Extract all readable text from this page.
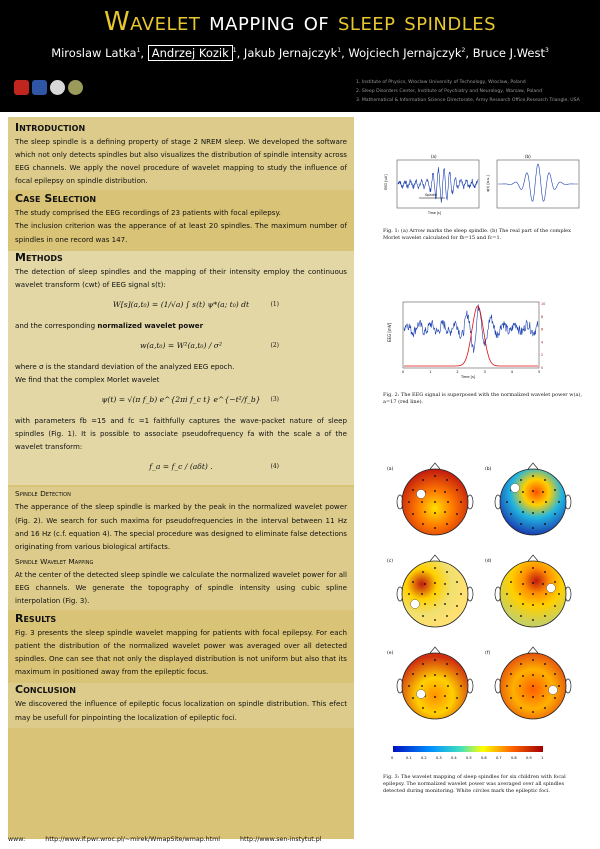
Wavelet mapping of sleep spindles
Miroslaw Latka$^1$, Andrzej Kozik $^1$, Jakub Jernajczyk$^1$, Wojciech Jernajczyk$^2$, Bruce J.West$^3$
1. Institute of Physics, Wroclaw University of Technology, Wroclaw, Poland
2. Sleep Disorders Center, Institute of Psychiatry and Neurology, Warsaw, Poland
3. Mathematical & Information Science Directorate, Army Research Office,Research Triangle, USA
Introduction

The sleep spindle is a defining property of stage 2 NREM sleep. We developed the software which not only detects spindles but also visualizes the distribution of spindle intensity across EEG channels. We apply the novel procedure of wavelet mapping to study the influence of focal epilepsy on spindle distribution.

Case Selection

The study comprised the EEG recordings of 23 patients with focal epilepsy.

The inclusion criterion was the apperance of at least 20 spindles. The maximum number of spindles in one record was 147.

Methods

The detection of sleep spindles and the mapping of their intensity employ the continuous wavelet transform (cwt) of EEG signal s(t):

W[s](a,t₀) = (1/√a) ∫ s(t) ψ*(a; t₀) dt	(1)

and the corresponding normalized wavelet power

w(a,t₀) = W²(a,t₀) / σ²	(2)

where σ is the standard deviation of the analyzed EEG epoch.

We find that the complex Morlet wavelet

ψ(t) = √(π f_b) e^{2πi f_c t} e^{−t²/f_b} (3)

with parameters fb =15 and fc =1 faithfully captures the wave-packet nature of sleep spindles (Fig. 1). It is possible to associate pseudofrequency fa with the scale a of the wavelet transform:

f_a = f_c / (aδt) .	(4)
Spindle Detection

The apperance of the sleep spindle is marked by the peak in the normalized wavelet power (Fig. 2). We search for such maxima for pseudofrequencies in the interval between 11 Hz and 16 Hz (c.f. equation 4). The special procedure was designed to eliminate false detections originating from various biological artifacts.

Spindle Wavelet Mapping

At the center of the detected sleep spindle we calculate the normalized wavelet power for all EEG channels. We generate the topography of spindle intensity using cubic spline interpolation (Fig. 3).

Results

Fig. 3 presents the sleep spindle wavelet mapping for patients with focal epilepsy. For each patient the distribution of the normalized wavelet power was averaged over all detected spindles. One can see that not only the displayed distribution is not uniform but also that its maximum in positioned away from the epileptic focus.

Conclusion

We discovered the influence of epileptic focus localization on spindle distribution. This efect may be usefull for pinpointing the localization of epileptic foci.

www:	http://www.if.pwr.wroc.pl/~mirek/WmapSite/wmap.html	http://www.sen-instytut.pl
(a)	(b)
EEG [uV]	ψ(t) [a.u.]
Spindle
Time [s]
Fig. 1: (a) Arrow marks the sleep spindle. (b) The real part of the complex Morlet wavelet calculated for fb=15 and fc=1.
EEG [mV]
0	1	2	3	4	5
10
8
6
4
2
0
Time [s]
Fig. 2: The EEG signal is superposed with the normalized wavelet power w(a), a=17 (red line).
(a)	(b)
(c)	(d)
(e)	(f)
0	0.1	0.2	0.3	0.4	0.5	0.6	0.7	0.8	0.9	1
Fig. 3: The wavelet mapping of sleep spindles for six children with focal epilepsy. The normalized wavelet power was averaged over all spindles detected during monitoring. White circles mark the epileptic foci.
